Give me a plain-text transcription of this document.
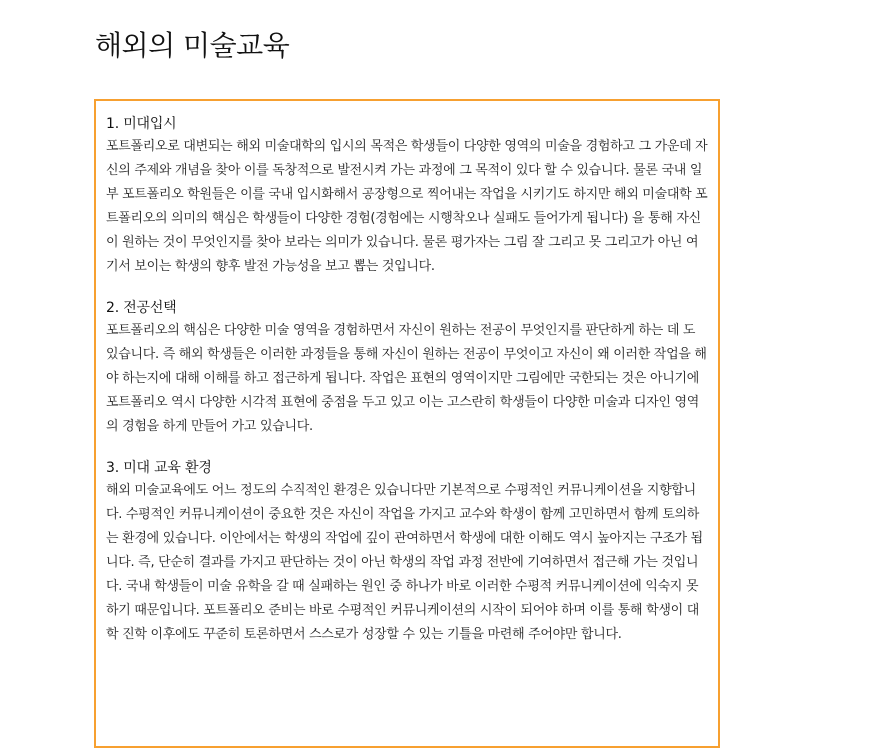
해외의 미술교육
1. 미대입시

포트폴리오로 대변되는 해외 미술대학의 입시의 목적은 학생들이 다양한 영역의 미술을 경험하고 그 가운데 자신의 주제와 개념을 찾아 이를 독창적으로 발전시켜 가는 과정에 그 목적이 있다 할 수 있습니다. 물론 국내 일부 포트폴리오 학원들은 이를 국내 입시화해서 공장형으로 찍어내는 작업을 시키기도 하지만 해외 미술대학 포트폴리오의 의미의 핵심은 학생들이 다양한 경험(경험에는 시행착오나 실패도 들어가게 됩니다) 을 통해 자신이 원하는 것이 무엇인지를 찾아 보라는 의미가 있습니다. 물론 평가자는 그림 잘 그리고 못 그리고가 아닌 여기서 보이는 학생의 향후 발전 가능성을 보고 뽑는 것입니다.

2. 전공선택

포트폴리오의 핵심은 다양한 미술 영역을 경험하면서 자신이 원하는 전공이 무엇인지를 판단하게 하는 데 도 있습니다. 즉 해외 학생들은 이러한 과정들을 통해 자신이 원하는 전공이 무엇이고 자신이 왜 이러한 작업을 해야 하는지에 대해 이해를 하고 접근하게 됩니다. 작업은 표현의 영역이지만 그림에만 국한되는 것은 아니기에 포트폴리오 역시 다양한 시각적 표현에 중점을 두고 있고 이는 고스란히 학생들이 다양한 미술과 디자인 영역의 경험을 하게 만들어 가고 있습니다.

3. 미대 교육 환경

해외 미술교육에도 어느 정도의 수직적인 환경은 있습니다만 기본적으로 수평적인 커뮤니케이션을 지향합니다. 수평적인 커뮤니케이션이 중요한 것은 자신이 작업을 가지고 교수와 학생이 함께 고민하면서 함께 토의하는 환경에 있습니다. 이안에서는 학생의 작업에 깊이 관여하면서 학생에 대한 이해도 역시 높아지는 구조가 됩니다. 즉, 단순히 결과를 가지고 판단하는 것이 아닌 학생의 작업 과정 전반에 기여하면서 접근해 가는 것입니다. 국내 학생들이 미술 유학을 갈 때 실패하는 원인 중 하나가 바로 이러한 수평적 커뮤니케이션에 익숙지 못하기 때문입니다. 포트폴리오 준비는 바로 수평적인 커뮤니케이션의 시작이 되어야 하며 이를 통해 학생이 대학 진학 이후에도 꾸준히 토론하면서 스스로가 성장할 수 있는 기틀을 마련해 주어야만 합니다.
